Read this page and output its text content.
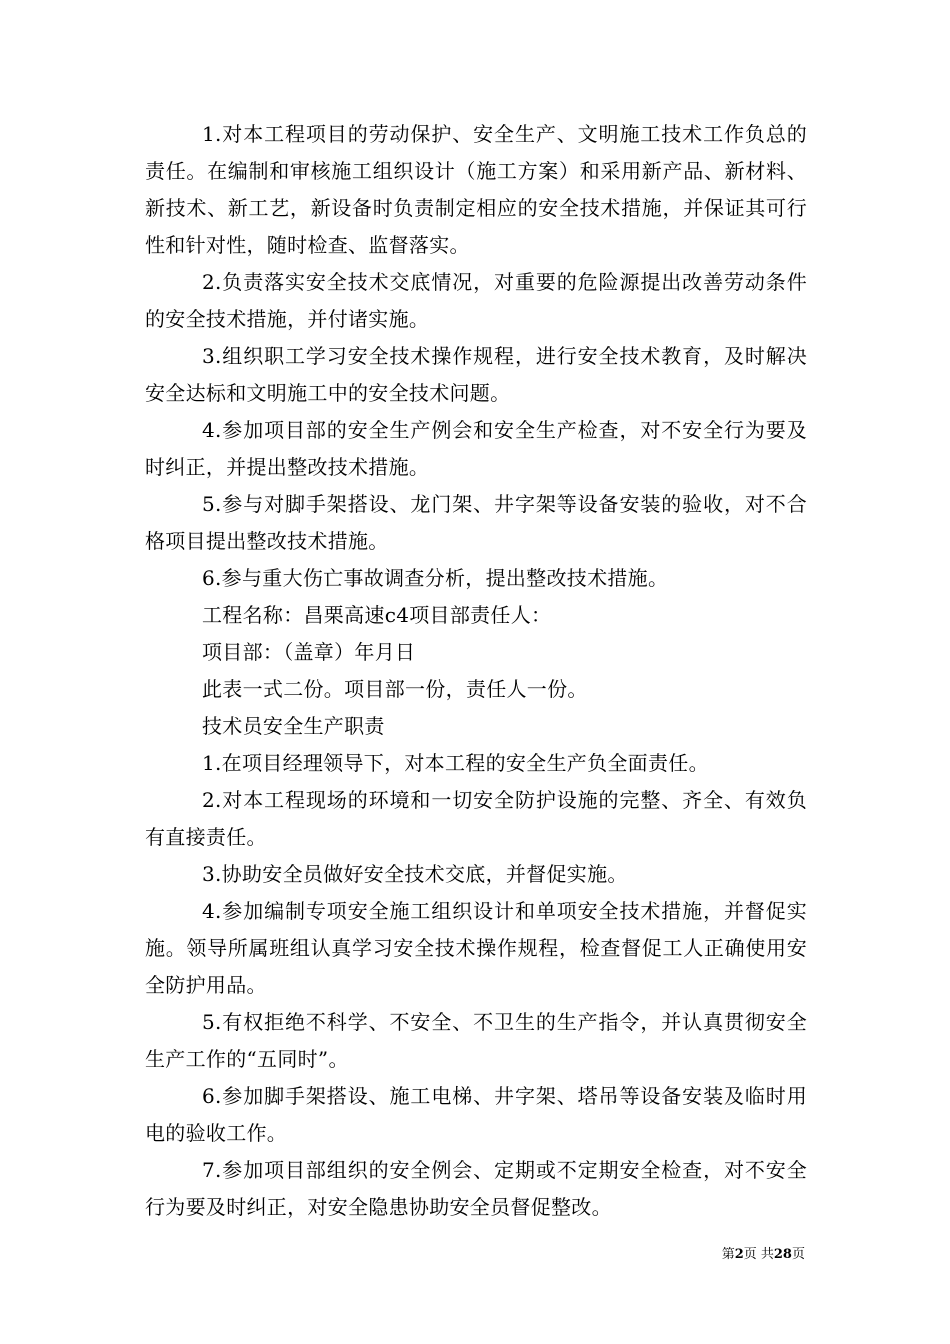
1.对本工程项目的劳动保护、安全生产、文明施工技术工作负总的责任。在编制和审核施工组织设计（施工方案）和采用新产品、新材料、新技术、新工艺，新设备时负责制定相应的安全技术措施，并保证其可行性和针对性，随时检查、监督落实。

2.负责落实安全技术交底情况，对重要的危险源提出改善劳动条件的安全技术措施，并付诸实施。

3.组织职工学习安全技术操作规程，进行安全技术教育，及时解决安全达标和文明施工中的安全技术问题。

4.参加项目部的安全生产例会和安全生产检查，对不安全行为要及时纠正，并提出整改技术措施。

5.参与对脚手架搭设、龙门架、井字架等设备安装的验收，对不合格项目提出整改技术措施。

6.参与重大伤亡事故调查分析，提出整改技术措施。

工程名称：昌栗高速c4项目部责任人：

项目部：（盖章）年月日

此表一式二份。项目部一份，责任人一份。

技术员安全生产职责

1.在项目经理领导下，对本工程的安全生产负全面责任。

2.对本工程现场的环境和一切安全防护设施的完整、齐全、有效负有直接责任。

3.协助安全员做好安全技术交底，并督促实施。

4.参加编制专项安全施工组织设计和单项安全技术措施，并督促实施。领导所属班组认真学习安全技术操作规程，检查督促工人正确使用安全防护用品。

5.有权拒绝不科学、不安全、不卫生的生产指令，并认真贯彻安全生产工作的“五同时”。

6.参加脚手架搭设、施工电梯、井字架、塔吊等设备安装及临时用电的验收工作。

7.参加项目部组织的安全例会、定期或不定期安全检查，对不安全行为要及时纠正，对安全隐患协助安全员督促整改。

第2页 共28页
